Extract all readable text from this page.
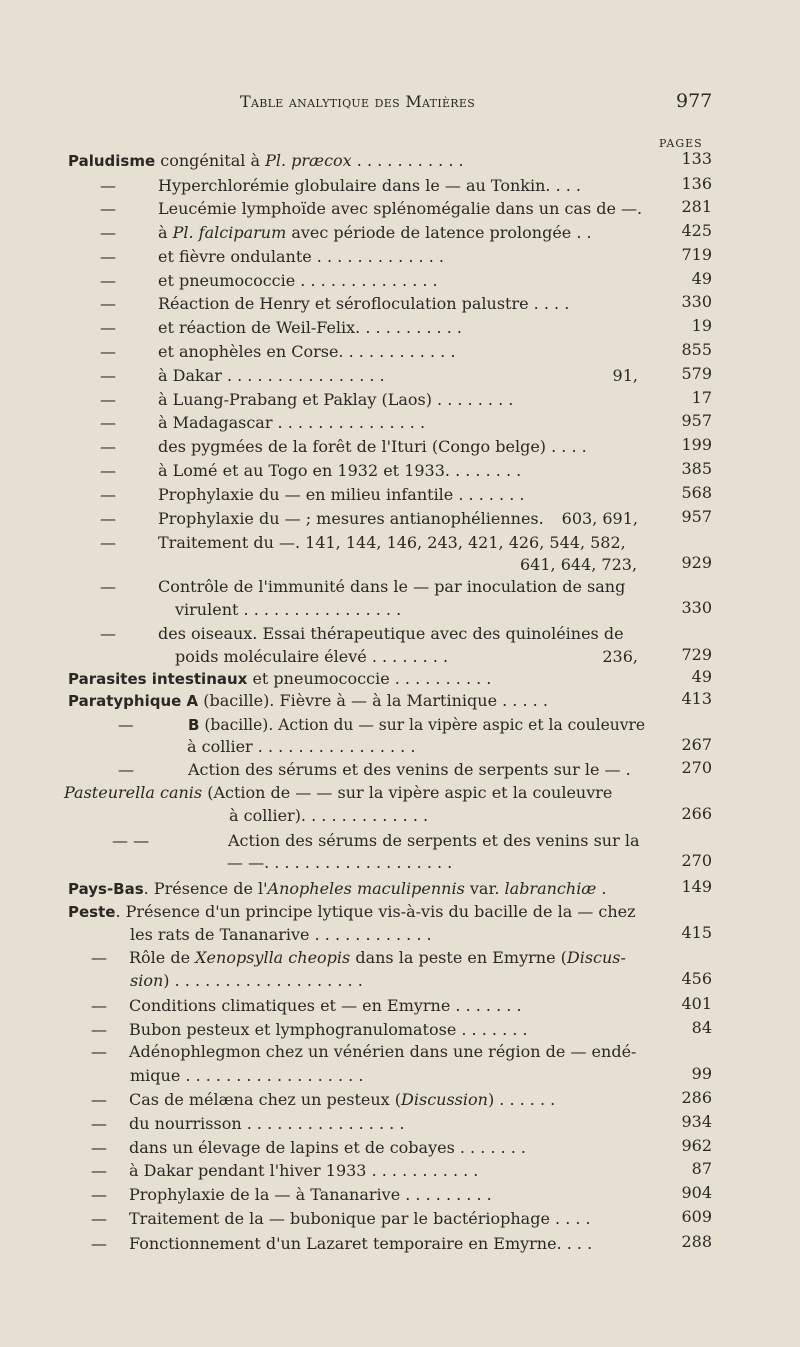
Table analytique des Matières	977
PAGES
Paludisme congénital à Pl. præcox . . . . . . . . . . .	133
—	Hyperchlorémie globulaire dans le — au Tonkin. . . .	136
—	Leucémie lymphoïde avec splénomégalie dans un cas de —. 281
—	à Pl. falciparum avec période de latence prolongée . .	425
—	et fièvre ondulante . . . . . . . . . . . . .	719
—	et pneumococcie . . . . . . . . . . . . . .	49
—	Réaction de Henry et sérofloculation palustre . . . .	330
—	et réaction de Weil-Felix. . . . . . . . . . .	19
—	et anophèles en Corse. . . . . . . . . . . .	855
—	à Dakar . . . . . . . . . . . . . . . .	91,	579
—	à Luang-Prabang et Paklay (Laos) . . . . . . . .	17
—	à Madagascar . . . . . . . . . . . . . . .	957
—	des pygmées de la forêt de l'Ituri (Congo belge) . . . .	199
—	à Lomé et au Togo en 1932 et 1933. . . . . . . .	385
—	Prophylaxie du — en milieu infantile . . . . . . .	568
—	Prophylaxie du — ; mesures antianophéliennes. 603, 691,	957
—	Traitement du —. 141, 144, 146, 243, 421, 426, 544, 582,
641, 644, 723,	929
—	Contrôle de l'immunité dans le — par inoculation de sang
virulent . . . . . . . . . . . . . . . .	330
—	des oiseaux. Essai thérapeutique avec des quinoléines de
poids moléculaire élevé . . . . . . . .	236,	729
Parasites intestinaux et pneumococcie . . . . . . . . . .	49
Paratyphique A (bacille). Fièvre à — à la Martinique . . . . .	413
—	B (bacille). Action du — sur la vipère aspic et la couleuvre
à collier . . . . . . . . . . . . . . . .	267
—	Action des sérums et des venins de serpents sur le — .	270
Pasteurella canis (Action de — — sur la vipère aspic et la couleuvre
à collier). . . . . . . . . . . . .	266
— —	Action des sérums de serpents et des venins sur la
— —. . . . . . . . . . . . . . . . . . .	270
Pays-Bas. Présence de l'Anopheles maculipennis var. labranchiæ .	149
Peste. Présence d'un principe lytique vis-à-vis du bacille de la — chez
les rats de Tananarive . . . . . . . . . . . .	415
— Rôle de Xenopsylla cheopis dans la peste en Emyrne (Discus-
sion) . . . . . . . . . . . . . . . . . . .	456
— Conditions climatiques et — en Emyrne . . . . . . .	401
— Bubon pesteux et lymphogranulomatose . . . . . . .	84
— Adénophlegmon chez un vénérien dans une région de — endé-
mique . . . . . . . . . . . . . . . . . .	99
— Cas de mélæna chez un pesteux (Discussion) . . . . . .	286
— du nourrisson . . . . . . . . . . . . . . . .	934
— dans un élevage de lapins et de cobayes . . . . . . .	962
— à Dakar pendant l'hiver 1933 . . . . . . . . . . .	87
— Prophylaxie de la — à Tananarive . . . . . . . . .	904
— Traitement de la — bubonique par le bactériophage . . . .	609
— Fonctionnement d'un Lazaret temporaire en Emyrne. . . .	288
